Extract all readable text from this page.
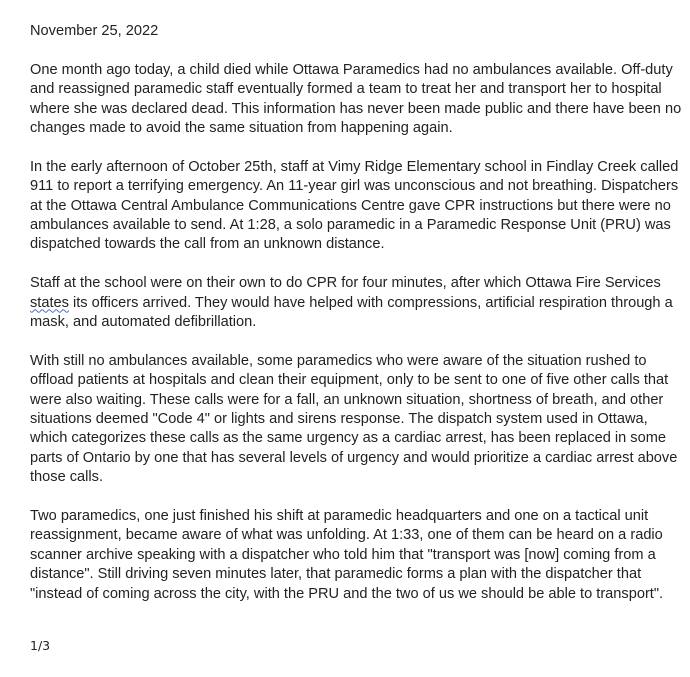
November 25, 2022

One month ago today, a child died while Ottawa Paramedics had no ambulances available. Off-duty and reassigned paramedic staff eventually formed a team to treat her and transport her to hospital where she was declared dead. This information has never been made public and there have been no changes made to avoid the same situation from happening again.

In the early afternoon of October 25th, staff at Vimy Ridge Elementary school in Findlay Creek called 911 to report a terrifying emergency. An 11-year girl was unconscious and not breathing. Dispatchers at the Ottawa Central Ambulance Communications Centre gave CPR instructions but there were no ambulances available to send. At 1:28, a solo paramedic in a Paramedic Response Unit (PRU) was dispatched towards the call from an unknown distance.

Staff at the school were on their own to do CPR for four minutes, after which Ottawa Fire Services states its officers arrived. They would have helped with compressions, artificial respiration through a mask, and automated defibrillation.

With still no ambulances available, some paramedics who were aware of the situation rushed to offload patients at hospitals and clean their equipment, only to be sent to one of five other calls that were also waiting. These calls were for a fall, an unknown situation, shortness of breath, and other situations deemed "Code 4" or lights and sirens response. The dispatch system used in Ottawa, which categorizes these calls as the same urgency as a cardiac arrest, has been replaced in some parts of Ontario by one that has several levels of urgency and would prioritize a cardiac arrest above those calls.

Two paramedics, one just finished his shift at paramedic headquarters and one on a tactical unit reassignment, became aware of what was unfolding. At 1:33, one of them can be heard on a radio scanner archive speaking with a dispatcher who told him that "transport was [now] coming from a distance". Still driving seven minutes later, that paramedic forms a plan with the dispatcher that "instead of coming across the city, with the PRU and the two of us we should be able to transport".

1/3
